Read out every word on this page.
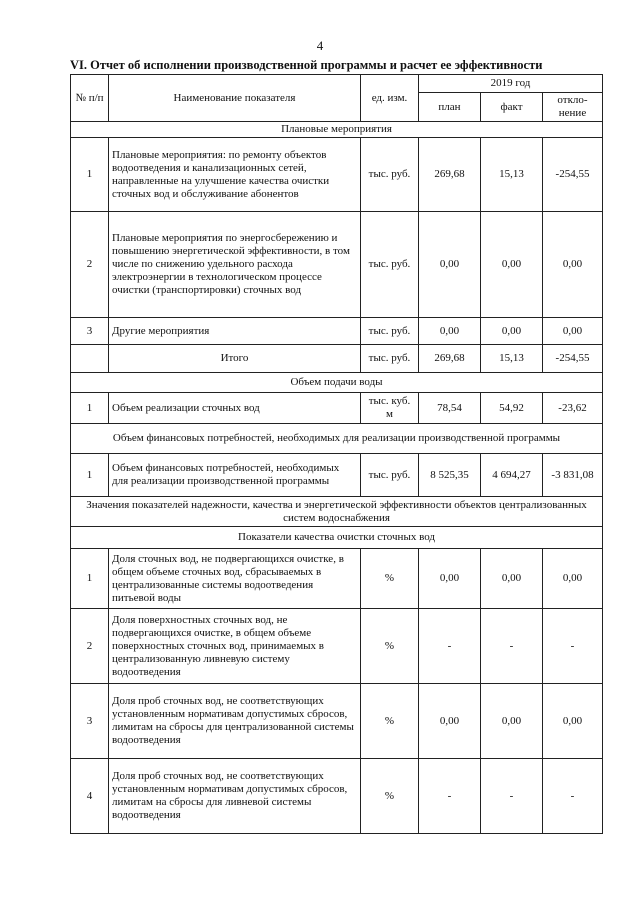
4
VI. Отчет об исполнении производственной программы и расчет ее эффективности
№ п/п	Наименование показателя	ед. изм.	2019 год		
			план	факт	откло-нение
Плановые мероприятия					
1	Плановые мероприятия: по ремонту объектов водоотведения и канализационных сетей, направленные на улучшение качества очистки сточных вод и обслуживание абонентов	тыс. руб.	269,68	15,13	-254,55
2	Плановые мероприятия по энергосбережению и повышению энергетической эффективности, в том числе по снижению удельного расхода электроэнергии в технологическом процессе очистки (транспортировки) сточных вод	тыс. руб.	0,00	0,00	0,00
3	Другие мероприятия	тыс. руб.	0,00	0,00	0,00
	Итого	тыс. руб.	269,68	15,13	-254,55
Объем подачи воды					
1	Объем реализации сточных вод	тыс. куб. м	78,54	54,92	-23,62
Объем финансовых потребностей, необходимых для реализации производственной программы					
1	Объем финансовых потребностей, необходимых для реализации производственной программы	тыс. руб.	8 525,35	4 694,27	-3 831,08
Значения показателей надежности, качества и энергетической эффективности объектов централизованных систем водоснабжения					
Показатели качества очистки сточных вод					
1	Доля сточных вод, не подвергающихся очистке, в общем объеме сточных вод, сбрасываемых в централизованные системы водоотведения питьевой воды	%	0,00	0,00	0,00
2	Доля поверхностных сточных вод, не подвергающихся очистке, в общем объеме поверхностных сточных вод, принимаемых в централизованную ливневую систему водоотведения	%	-	-	-
3	Доля проб сточных вод, не соответствующих установленным нормативам допустимых сбросов, лимитам на сбросы для централизованной системы водоотведения	%	0,00	0,00	0,00
4	Доля проб сточных вод, не соответствующих установленным нормативам допустимых сбросов, лимитам на сбросы для ливневой системы водоотведения	%	-	-	-
